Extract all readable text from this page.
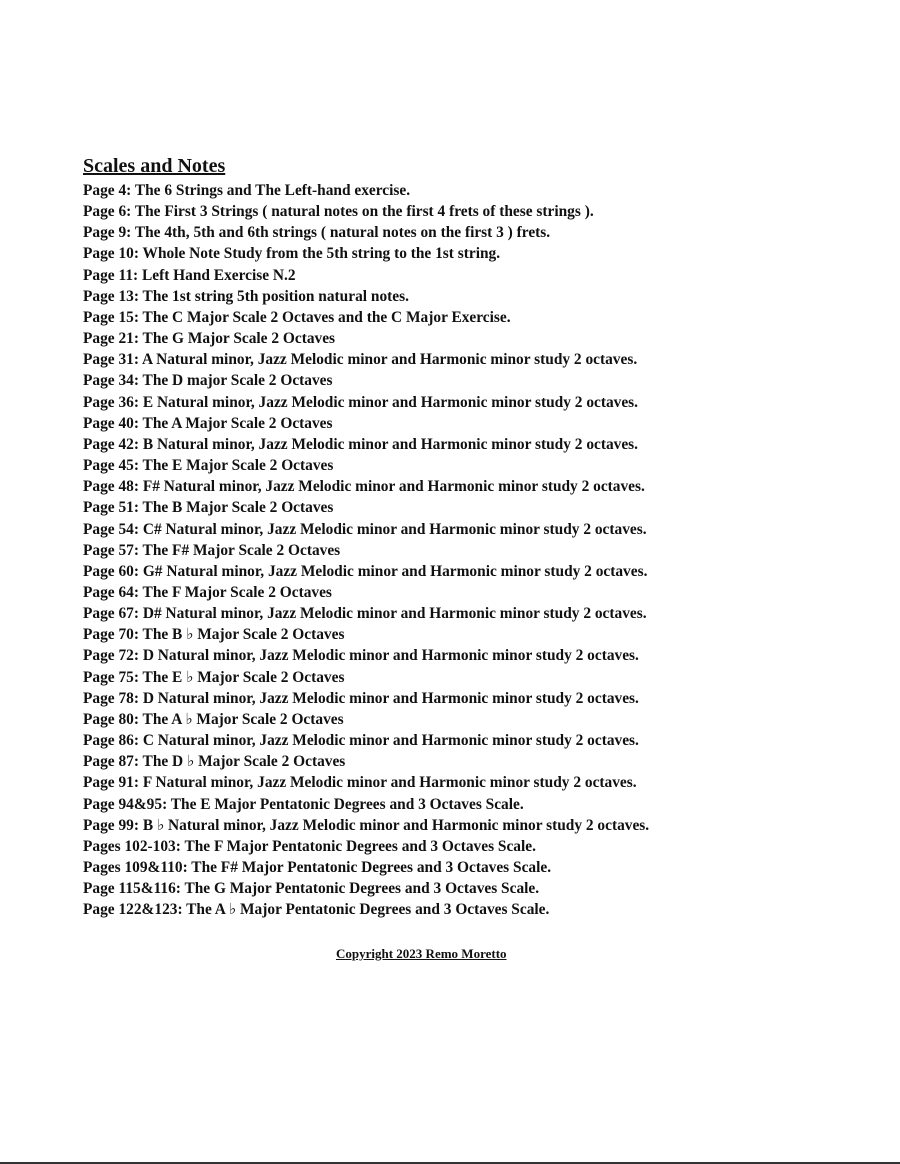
Scales and Notes
Page 4: The 6 Strings and The Left-hand exercise.
Page 6: The First 3 Strings ( natural notes on the first 4 frets of these strings ).
Page 9: The 4th, 5th and 6th strings ( natural notes on the first 3 ) frets.
Page 10: Whole Note Study from the 5th string to the 1st string.
Page 11: Left Hand Exercise N.2
Page 13: The 1st string 5th position natural notes.
Page 15: The C Major Scale 2 Octaves and the C Major Exercise.
Page 21: The G Major Scale 2 Octaves
Page 31: A Natural minor, Jazz Melodic minor and Harmonic minor study 2 octaves.
Page 34: The D major Scale 2 Octaves
Page 36: E Natural minor, Jazz Melodic minor and Harmonic minor study 2 octaves.
Page 40: The A Major Scale 2 Octaves
Page 42: B Natural minor, Jazz Melodic minor and Harmonic minor study 2 octaves.
Page 45: The E Major Scale 2 Octaves
Page 48: F# Natural minor, Jazz Melodic minor and Harmonic minor study 2 octaves.
Page 51: The B Major Scale 2 Octaves
Page 54: C# Natural minor, Jazz Melodic minor and Harmonic minor study 2 octaves.
Page 57: The F# Major Scale 2 Octaves
Page 60: G# Natural minor, Jazz Melodic minor and Harmonic minor study 2 octaves.
Page 64: The F Major Scale 2 Octaves
Page 67: D# Natural minor, Jazz Melodic minor and Harmonic minor study 2 octaves.
Page 70: The B ♭ Major Scale 2 Octaves
Page 72: D Natural minor, Jazz Melodic minor and Harmonic minor study 2 octaves.
Page 75: The E ♭ Major Scale 2 Octaves
Page 78: D Natural minor, Jazz Melodic minor and Harmonic minor study 2 octaves.
Page 80: The A ♭ Major Scale 2 Octaves
Page 86: C Natural minor, Jazz Melodic minor and Harmonic minor study 2 octaves.
Page 87: The D ♭ Major Scale 2 Octaves
Page 91: F Natural minor, Jazz Melodic minor and Harmonic minor study 2 octaves.
Page 94&95: The E Major Pentatonic Degrees and 3 Octaves Scale.
Page 99: B ♭ Natural minor, Jazz Melodic minor and Harmonic minor study 2 octaves.
Pages 102-103: The F Major Pentatonic Degrees and 3 Octaves Scale.
Pages 109&110: The F# Major Pentatonic Degrees and 3 Octaves Scale.
Page 115&116: The G Major Pentatonic Degrees and 3 Octaves Scale.
Page 122&123: The A ♭ Major Pentatonic Degrees and 3 Octaves Scale.
Copyright 2023 Remo Moretto
